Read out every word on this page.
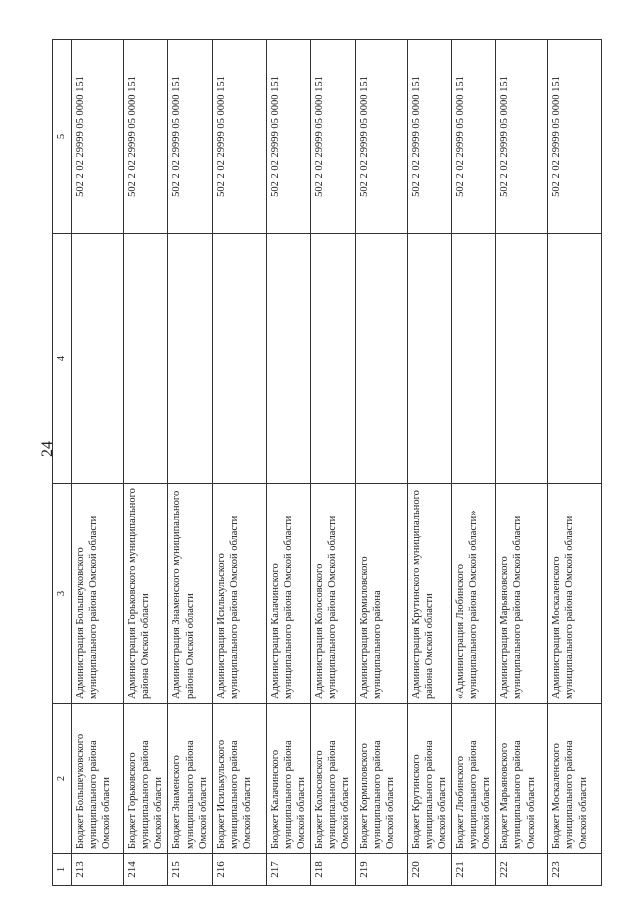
24
1	2	3	4	5
213	Бюджет Большеуковского муниципального района Омской области	Администрация Большеуковского муниципального района Омской области		502 2 02 29999 05 0000 151
214	Бюджет Горьковского муниципального района Омской области	Администрация Горьковского муниципального района Омской области		502 2 02 29999 05 0000 151
215	Бюджет Знаменского муниципального района Омской области	Администрация Знаменского муниципального района Омской области		502 2 02 29999 05 0000 151
216	Бюджет Исилькульского муниципального района Омской области	Администрация Исилькульского муниципального района Омской области		502 2 02 29999 05 0000 151
217	Бюджет Калачинского муниципального района Омской области	Администрация Калачинского муниципального района Омской области		502 2 02 29999 05 0000 151
218	Бюджет Колосовского муниципального района Омской области	Администрация Колосовского муниципального района Омской области		502 2 02 29999 05 0000 151
219	Бюджет Кормиловского муниципального района Омской области	Администрация Кормиловского муниципального района		502 2 02 29999 05 0000 151
220	Бюджет Крутинского муниципального района Омской области	Администрация Крутинского муниципального района Омской области		502 2 02 29999 05 0000 151
221	Бюджет Любинского муниципального района Омской области	«Администрация Любинского муниципального района Омской области»		502 2 02 29999 05 0000 151
222	Бюджет Марьяновского муниципального района Омской области	Администрация Марьяновского муниципального района Омской области		502 2 02 29999 05 0000 151
223	Бюджет Москаленского муниципального района Омской области	Администрация Москаленского муниципального района Омской области		502 2 02 29999 05 0000 151
